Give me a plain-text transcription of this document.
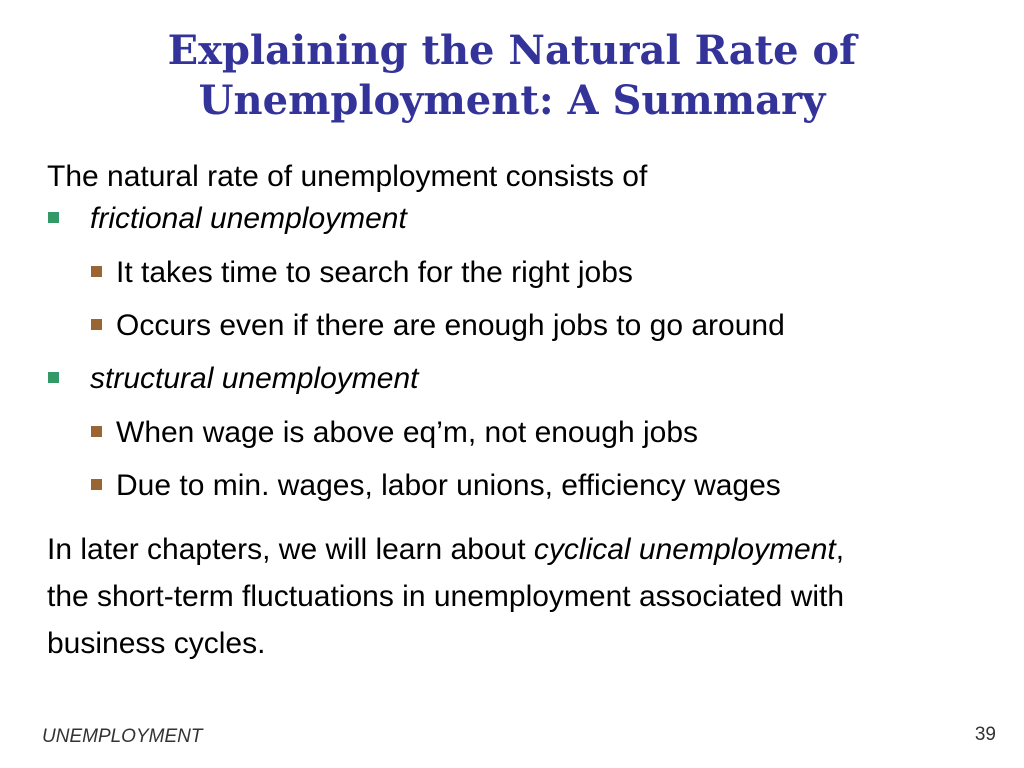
Explaining the Natural Rate of
Unemployment: A Summary
The natural rate of unemployment consists of
frictional unemployment
It takes time to search for the right jobs
Occurs even if there are enough jobs to go around
structural unemployment
When wage is above eq’m, not enough jobs
Due to min. wages, labor unions, efficiency wages
In later chapters, we will learn about cyclical unemployment, the short-term fluctuations in unemployment associated with business cycles.
UNEMPLOYMENT	39
